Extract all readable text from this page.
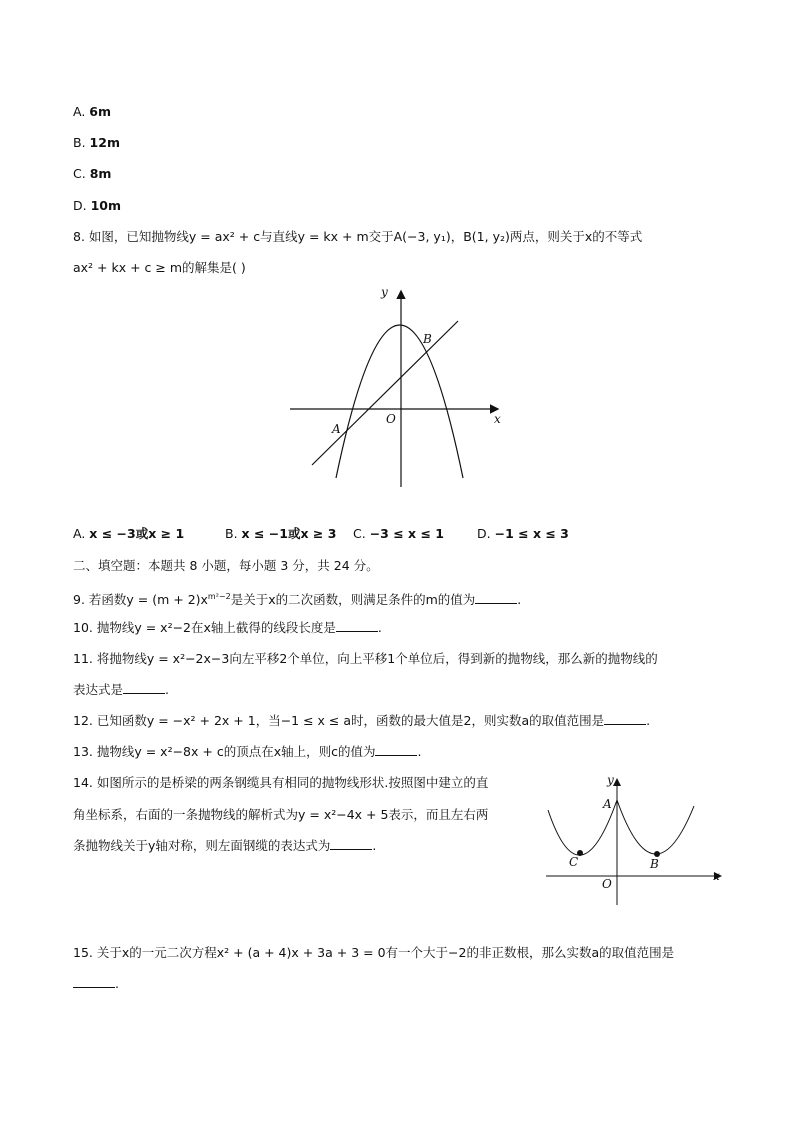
A. 6m
B. 12m
C. 8m
D. 10m
8. 如图，已知抛物线y = ax² + c与直线y = kx + m交于A(−3, y₁)，B(1, y₂)两点，则关于x的不等式
ax² + kx + c ≥ m的解集是( )
y
x
O
A
B
A. x ≤ −3或x ≥ 1	B. x ≤ −1或x ≥ 3 C. −3 ≤ x ≤ 1	D. −1 ≤ x ≤ 3
二、填空题：本题共 8 小题，每小题 3 分，共 24 分。
9. 若函数$y = (m + 2)x^{m^2-2}$是关于x的二次函数，则满足条件的m的值为	.
10. 抛物线y = x²−2在x轴上截得的线段长度是	.
11. 将抛物线y = x²−2x−3向左平移2个单位，向上平移1个单位后，得到新的抛物线，那么新的抛物线的
表达式是	.
12. 已知函数y = −x² + 2x + 1，当−1 ≤ x ≤ a时，函数的最大值是2，则实数a的取值范围是	.
13. 抛物线y = x²−8x + c的顶点在x轴上，则c的值为	.
14. 如图所示的是桥梁的两条钢缆具有相同的抛物线形状.按照图中建立的直
角坐标系，右面的一条抛物线的解析式为y = x²−4x + 5表示，而且左右两
条抛物线关于y轴对称，则左面钢缆的表达式为	.
y
x
O
A
B
C
15. 关于x的一元二次方程x² + (a + 4)x + 3a + 3 = 0有一个大于−2的非正数根，那么实数a的取值范围是
.
